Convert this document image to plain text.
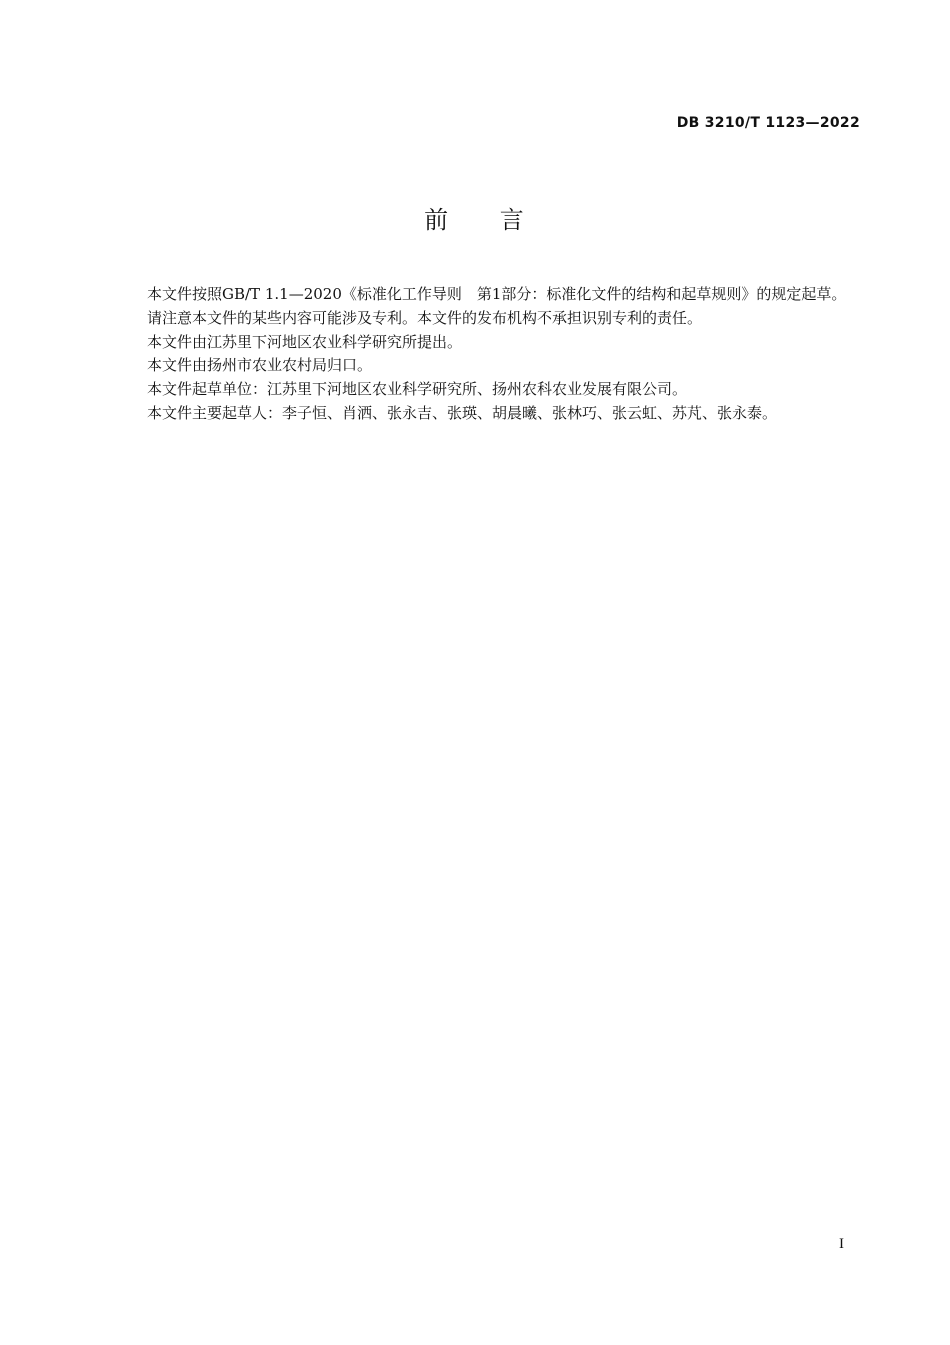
DB 3210/T 1123—2022
前 言

本文件按照GB/T 1.1—2020《标准化工作导则　第1部分：标准化文件的结构和起草规则》的规定起草。

请注意本文件的某些内容可能涉及专利。本文件的发布机构不承担识别专利的责任。

本文件由江苏里下河地区农业科学研究所提出。

本文件由扬州市农业农村局归口。

本文件起草单位：江苏里下河地区农业科学研究所、扬州农科农业发展有限公司。

本文件主要起草人：李子恒、肖洒、张永吉、张瑛、胡晨曦、张林巧、张云虹、苏芃、张永泰。

I
